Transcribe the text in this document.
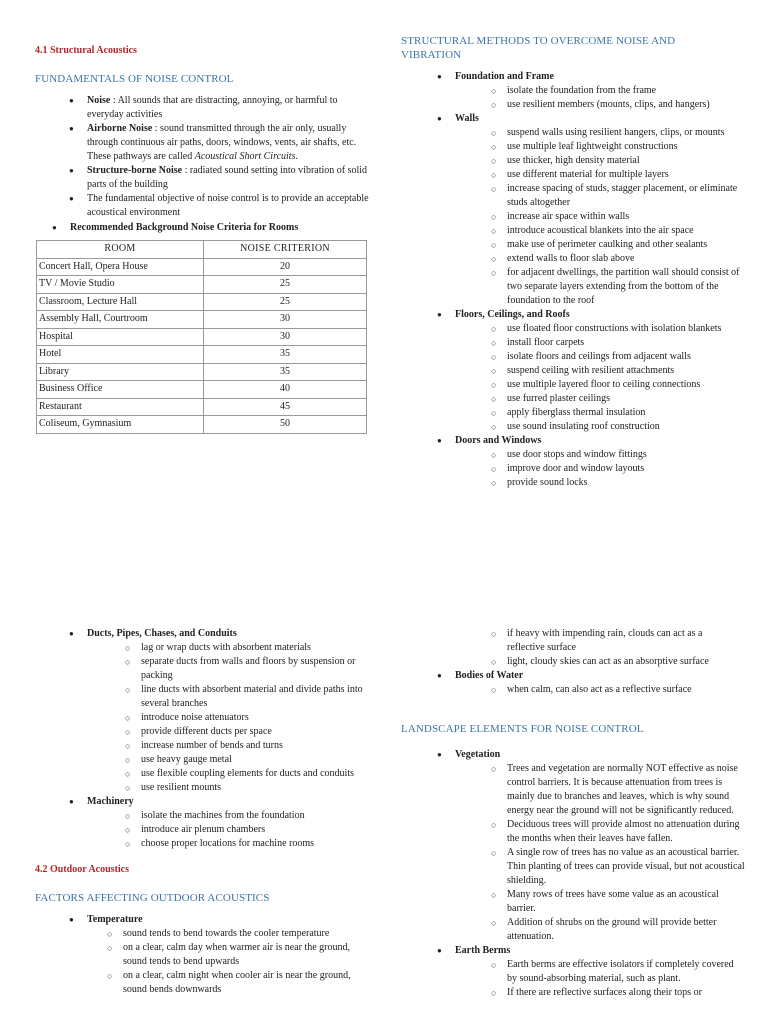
4.1 Structural Acoustics
FUNDAMENTALS OF NOISE CONTROL
● Noise : All sounds that are distracting, annoying, or harmful to everyday activities
● Airborne Noise : sound transmitted through the air only, usually through continuous air paths, doors, windows, vents, air shafts, etc. These pathways are called Acoustical Short Circuits.
● Structure-borne Noise : radiated sound setting into vibration of solid parts of the building
● The fundamental objective of noise control is to provide an acceptable acoustical environment
● Recommended Background Noise Criteria for Rooms
ROOM	NOISE CRITERION
Concert Hall, Opera House	20
TV / Movie Studio	25
Classroom, Lecture Hall	25
Assembly Hall, Courtroom	30
Hospital	30
Hotel	35
Library	35
Business Office	40
Restaurant	45
Coliseum, Gymnasium	50
STRUCTURAL METHODS TO OVERCOME NOISE AND VIBRATION
● Foundation and Frame
○ isolate the foundation from the frame
○ use resilient members (mounts, clips, and hangers)
● Walls
○ suspend walls using resilient hangers, clips, or mounts
○ use multiple leaf lightweight constructions
○ use thicker, high density material
○ use different material for multiple layers
○ increase spacing of studs, stagger placement, or eliminate studs altogether
○ increase air space within walls
○ introduce acoustical blankets into the air space
○ make use of perimeter caulking and other sealants
○ extend walls to floor slab above
○ for adjacent dwellings, the partition wall should consist of two separate layers extending from the bottom of the foundation to the roof
● Floors, Ceilings, and Roofs
○ use floated floor constructions with isolation blankets
○ install floor carpets
○ isolate floors and ceilings from adjacent walls
○ suspend ceiling with resilient attachments
○ use multiple layered floor to ceiling connections
○ use furred plaster ceilings
○ apply fiberglass thermal insulation
○ use sound insulating roof construction
● Doors and Windows
○ use door stops and window fittings
○ improve door and window layouts
○ provide sound locks
● Ducts, Pipes, Chases, and Conduits
○ lag or wrap ducts with absorbent materials
○ separate ducts from walls and floors by suspension or packing
○ line ducts with absorbent material and divide paths into several branches
○ introduce noise attenuators
○ provide different ducts per space
○ increase number of bends and turns
○ use heavy gauge metal
○ use flexible coupling elements for ducts and conduits
○ use resilient mounts
● Machinery
○ isolate the machines from the foundation
○ introduce air plenum chambers
○ choose proper locations for machine rooms
4.2 Outdoor Acoustics
FACTORS AFFECTING OUTDOOR ACOUSTICS
● Temperature
○ sound tends to bend towards the cooler temperature
○ on a clear, calm day when warmer air is near the ground, sound tends to bend upwards
○ on a clear, calm night when cooler air is near the ground, sound bends downwards
○ if heavy with impending rain, clouds can act as a reflective surface
○ light, cloudy skies can act as an absorptive surface
● Bodies of Water
○ when calm, can also act as a reflective surface
LANDSCAPE ELEMENTS FOR NOISE CONTROL
● Vegetation
○ Trees and vegetation are normally NOT effective as noise control barriers. It is because attenuation from trees is mainly due to branches and leaves, which is why sound energy near the ground will not be significantly reduced.
○ Deciduous trees will provide almost no attenuation during the months when their leaves have fallen.
○ A single row of trees has no value as an acoustical barrier. Thin planting of trees can provide visual, but not acoustical shielding.
○ Many rows of trees have some value as an acoustical barrier.
○ Addition of shrubs on the ground will provide better attenuation.
● Earth Berms
○ Earth berms are effective isolators if completely covered by sound-absorbing material, such as plant.
○ If there are reflective surfaces along their tops or
